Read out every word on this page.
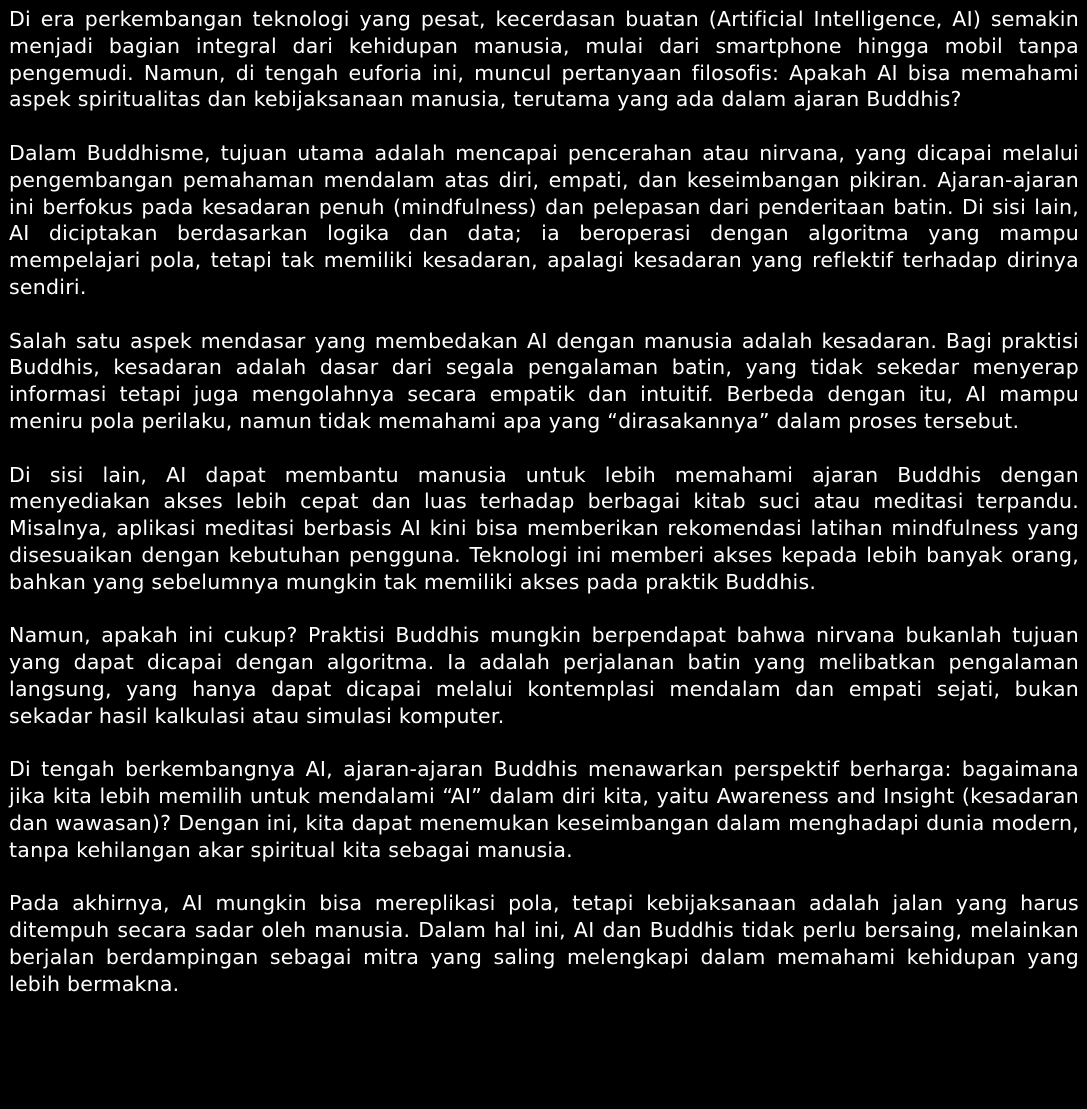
Di era perkembangan teknologi yang pesat, kecerdasan buatan (Artificial Intelligence, AI) semakin menjadi bagian integral dari kehidupan manusia, mulai dari smartphone hingga mobil tanpa pengemudi. Namun, di tengah euforia ini, muncul pertanyaan filosofis: Apakah AI bisa memahami aspek spiritualitas dan kebijaksanaan manusia, terutama yang ada dalam ajaran Buddhis?

Dalam Buddhisme, tujuan utama adalah mencapai pencerahan atau nirvana, yang dicapai melalui pengembangan pemahaman mendalam atas diri, empati, dan keseimbangan pikiran. Ajaran-ajaran ini berfokus pada kesadaran penuh (mindfulness) dan pelepasan dari penderitaan batin. Di sisi lain, AI diciptakan berdasarkan logika dan data; ia beroperasi dengan algoritma yang mampu mempelajari pola, tetapi tak memiliki kesadaran, apalagi kesadaran yang reflektif terhadap dirinya sendiri.

Salah satu aspek mendasar yang membedakan AI dengan manusia adalah kesadaran. Bagi praktisi Buddhis, kesadaran adalah dasar dari segala pengalaman batin, yang tidak sekedar menyerap informasi tetapi juga mengolahnya secara empatik dan intuitif. Berbeda dengan itu, AI mampu meniru pola perilaku, namun tidak memahami apa yang “dirasakannya” dalam proses tersebut.

Di sisi lain, AI dapat membantu manusia untuk lebih memahami ajaran Buddhis dengan menyediakan akses lebih cepat dan luas terhadap berbagai kitab suci atau meditasi terpandu. Misalnya, aplikasi meditasi berbasis AI kini bisa memberikan rekomendasi latihan mindfulness yang disesuaikan dengan kebutuhan pengguna. Teknologi ini memberi akses kepada lebih banyak orang, bahkan yang sebelumnya mungkin tak memiliki akses pada praktik Buddhis.

Namun, apakah ini cukup? Praktisi Buddhis mungkin berpendapat bahwa nirvana bukanlah tujuan yang dapat dicapai dengan algoritma. Ia adalah perjalanan batin yang melibatkan pengalaman langsung, yang hanya dapat dicapai melalui kontemplasi mendalam dan empati sejati, bukan sekadar hasil kalkulasi atau simulasi komputer.

Di tengah berkembangnya AI, ajaran-ajaran Buddhis menawarkan perspektif berharga: bagaimana jika kita lebih memilih untuk mendalami “AI” dalam diri kita, yaitu Awareness and Insight (kesadaran dan wawasan)? Dengan ini, kita dapat menemukan keseimbangan dalam menghadapi dunia modern, tanpa kehilangan akar spiritual kita sebagai manusia.

Pada akhirnya, AI mungkin bisa mereplikasi pola, tetapi kebijaksanaan adalah jalan yang harus ditempuh secara sadar oleh manusia. Dalam hal ini, AI dan Buddhis tidak perlu bersaing, melainkan berjalan berdampingan sebagai mitra yang saling melengkapi dalam memahami kehidupan yang lebih bermakna.
